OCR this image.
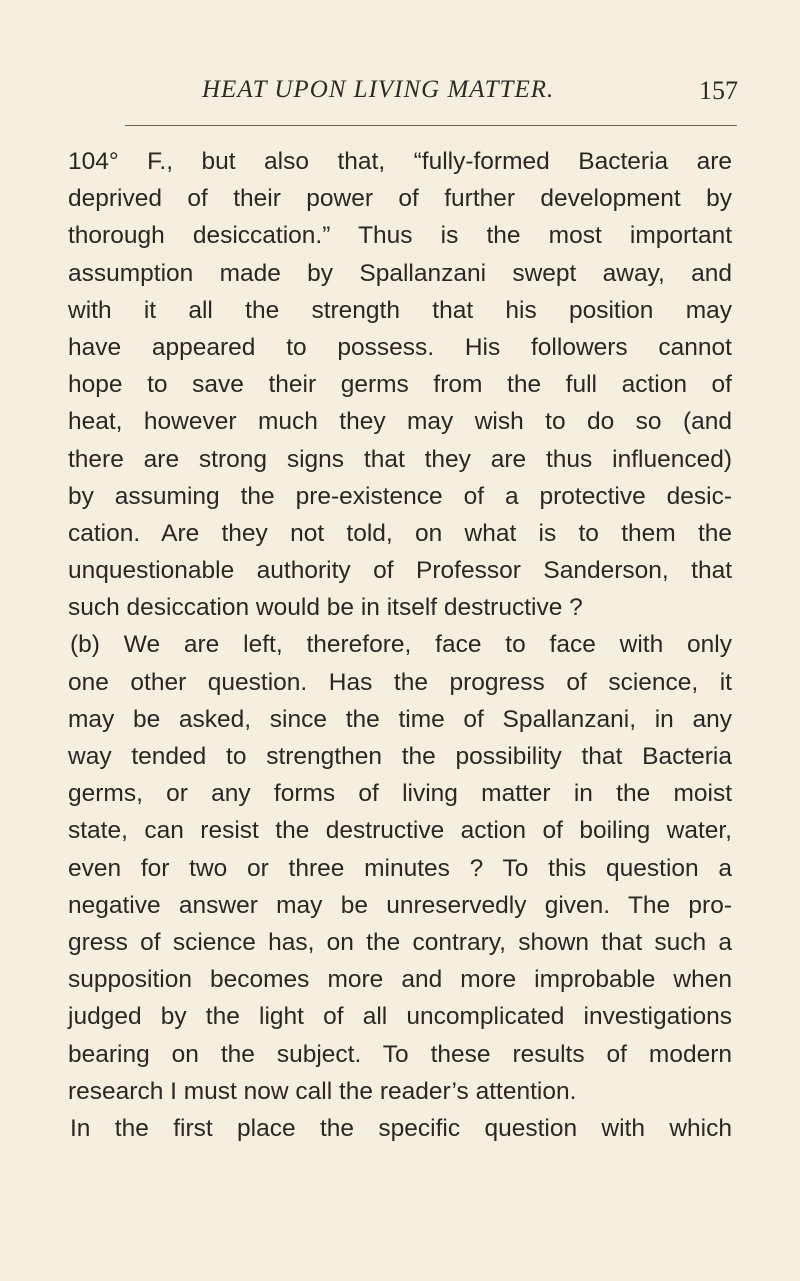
HEAT UPON LIVING MATTER.	157
104° F., but also that, “fully-formed Bacteria are
deprived of their power of further development by
thorough desiccation.” Thus is the most important
assumption made by Spallanzani swept away, and
with it all the strength that his position may
have appeared to possess. His followers cannot
hope to save their germs from the full action of
heat, however much they may wish to do so (and
there are strong signs that they are thus influenced)
by assuming the pre-existence of a protective desic-
cation. Are they not told, on what is to them the
unquestionable authority of Professor Sanderson, that
such desiccation would be in itself destructive ?
(b) We are left, therefore, face to face with only
one other question. Has the progress of science, it
may be asked, since the time of Spallanzani, in any
way tended to strengthen the possibility that Bacteria
germs, or any forms of living matter in the moist
state, can resist the destructive action of boiling water,
even for two or three minutes ? To this question a
negative answer may be unreservedly given. The pro-
gress of science has, on the contrary, shown that such a
supposition becomes more and more improbable when
judged by the light of all uncomplicated investigations
bearing on the subject. To these results of modern
research I must now call the reader’s attention.
In the first place the specific question with which
